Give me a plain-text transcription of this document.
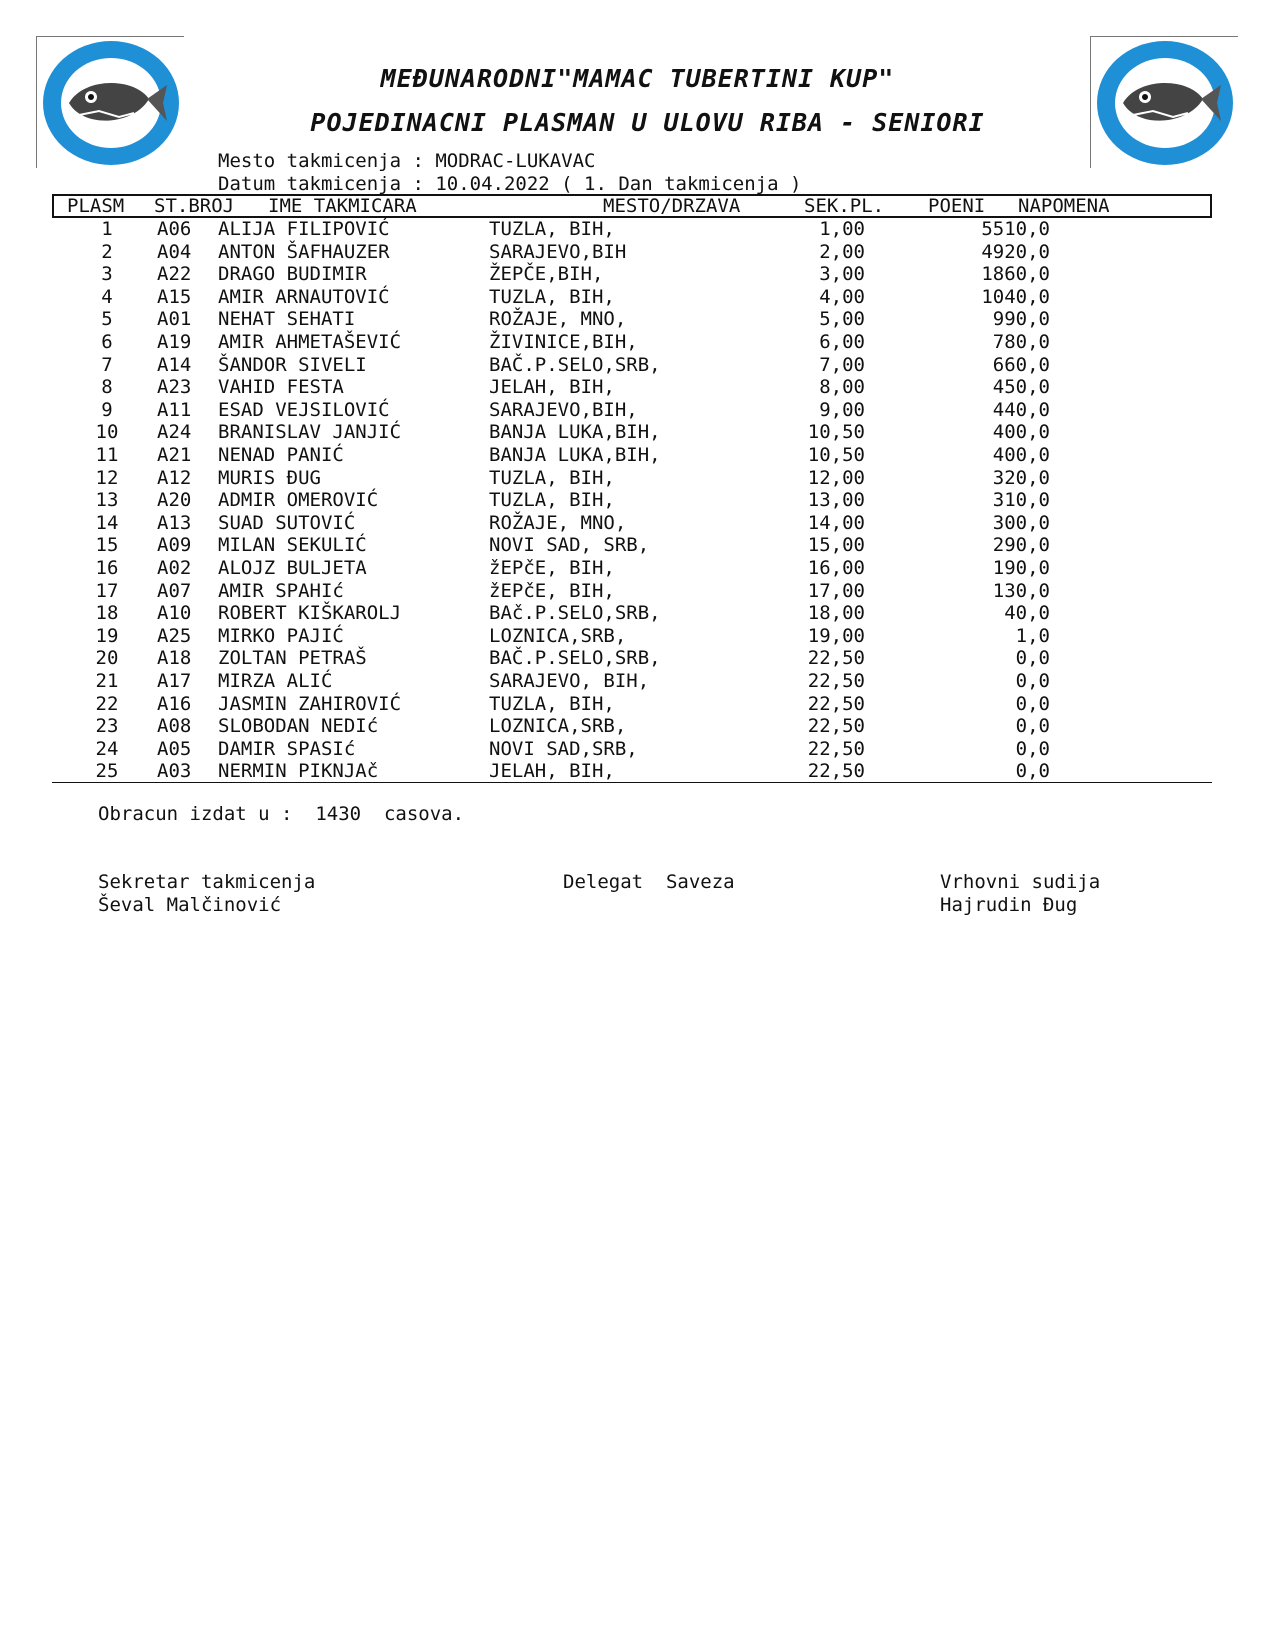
MEĐUNARODNI"MAMAC TUBERTINI KUP"
POJEDINACNI PLASMAN U ULOVU RIBA - SENIORI
Mesto takmicenja : MODRAC-LUKAVAC
Datum takmicenja : 10.04.2022 ( 1. Dan takmicenja )
PLASM ST.BROJ IME TAKMICARA	MESTO/DRZAVA	SEK.PL. POENI NAPOMENA
1	A06 ALIJA FILIPOVIĆ	TUZLA, BIH,	1,00	5510,0
2	A04 ANTON ŠAFHAUZER	SARAJEVO,BIH	2,00	4920,0
3	A22 DRAGO BUDIMIR	ŽEPČE,BIH,	3,00	1860,0
4	A15 AMIR ARNAUTOVIĆ	TUZLA, BIH,	4,00	1040,0
5	A01 NEHAT SEHATI	ROŽAJE, MNO,	5,00	990,0
6	A19 AMIR AHMETAŠEVIĆ	ŽIVINICE,BIH,	6,00	780,0
7	A14 ŠANDOR SIVELI	BAČ.P.SELO,SRB,	7,00	660,0
8	A23 VAHID FESTA	JELAH, BIH,	8,00	450,0
9	A11 ESAD VEJSILOVIĆ	SARAJEVO,BIH,	9,00	440,0
10 A24 BRANISLAV JANJIĆ	BANJA LUKA,BIH,	10,50	400,0
11 A21 NENAD PANIĆ	BANJA LUKA,BIH,	10,50	400,0
12 A12 MURIS ĐUG	TUZLA, BIH,	12,00	320,0
13 A20 ADMIR OMEROVIĆ	TUZLA, BIH,	13,00	310,0
14 A13 SUAD SUTOVIĆ	ROŽAJE, MNO,	14,00	300,0
15 A09 MILAN SEKULIĆ	NOVI SAD, SRB,	15,00	290,0
16 A02 ALOJZ BULJETA	žEPčE, BIH,	16,00	190,0
17 A07 AMIR SPAHIć	žEPčE, BIH,	17,00	130,0
18 A10 ROBERT KIŠKAROLJ	BAč.P.SELO,SRB,	18,00	40,0
19 A25 MIRKO PAJIĆ	LOZNICA,SRB,	19,00	1,0
20 A18 ZOLTAN PETRAŠ	BAČ.P.SELO,SRB,	22,50	0,0
21 A17 MIRZA ALIĆ	SARAJEVO, BIH,	22,50	0,0
22 A16 JASMIN ZAHIROVIĆ	TUZLA, BIH,	22,50	0,0
23 A08 SLOBODAN NEDIć	LOZNICA,SRB,	22,50	0,0
24 A05 DAMIR SPASIć	NOVI SAD,SRB,	22,50	0,0
25 A03 NERMIN PIKNJAč	JELAH, BIH,	22,50	0,0
Obracun izdat u :  1430  casova.
Sekretar takmicenja
Ševal Malčinović
Delegat  Saveza	Vrhovni sudija
Hajrudin Đug
